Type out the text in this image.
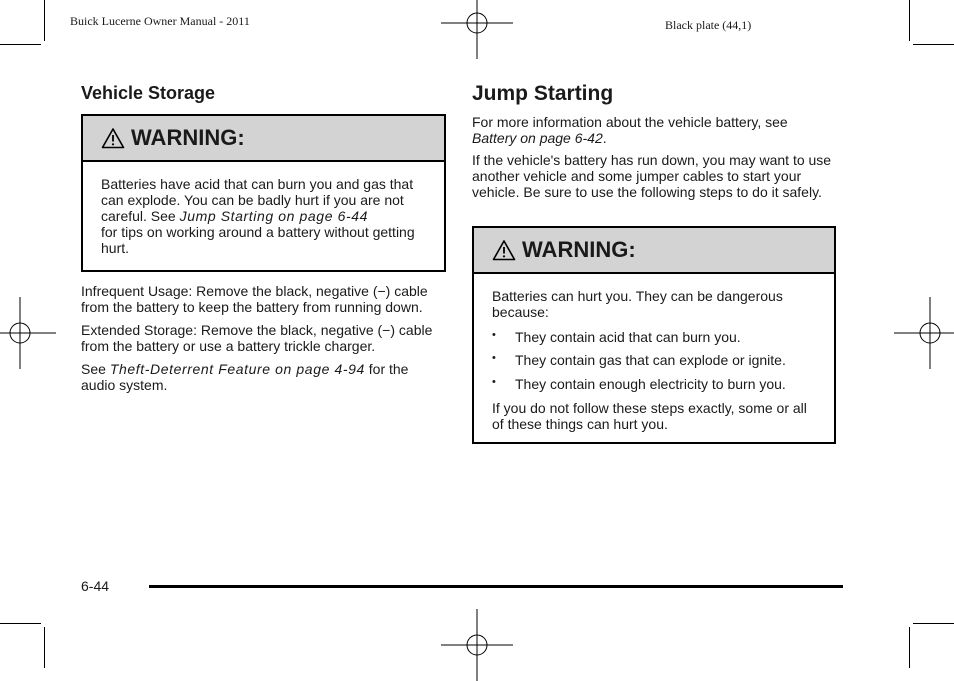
Buick Lucerne Owner Manual - 2011	Black plate (44,1)
Vehicle Storage
WARNING:

Batteries have acid that can burn you and gas that can explode. You can be badly hurt if you are not careful. See Jump Starting on page 6-44
for tips on working around a battery without getting hurt.

Infrequent Usage: Remove the black, negative (−) cable from the battery to keep the battery from running down.

Extended Storage: Remove the black, negative (−) cable from the battery or use a battery trickle charger.

See Theft-Deterrent Feature on page 4-94 for the audio system.

Jump Starting

For more information about the vehicle battery, see Battery on page 6-42.

If the vehicle's battery has run down, you may want to use another vehicle and some jumper cables to start your vehicle. Be sure to use the following steps to do it safely.

WARNING:

Batteries can hurt you. They can be dangerous because:

•	They contain acid that can burn you.
•	They contain gas that can explode or ignite.
•	They contain enough electricity to burn you.

If you do not follow these steps exactly, some or all of these things can hurt you.

6-44
